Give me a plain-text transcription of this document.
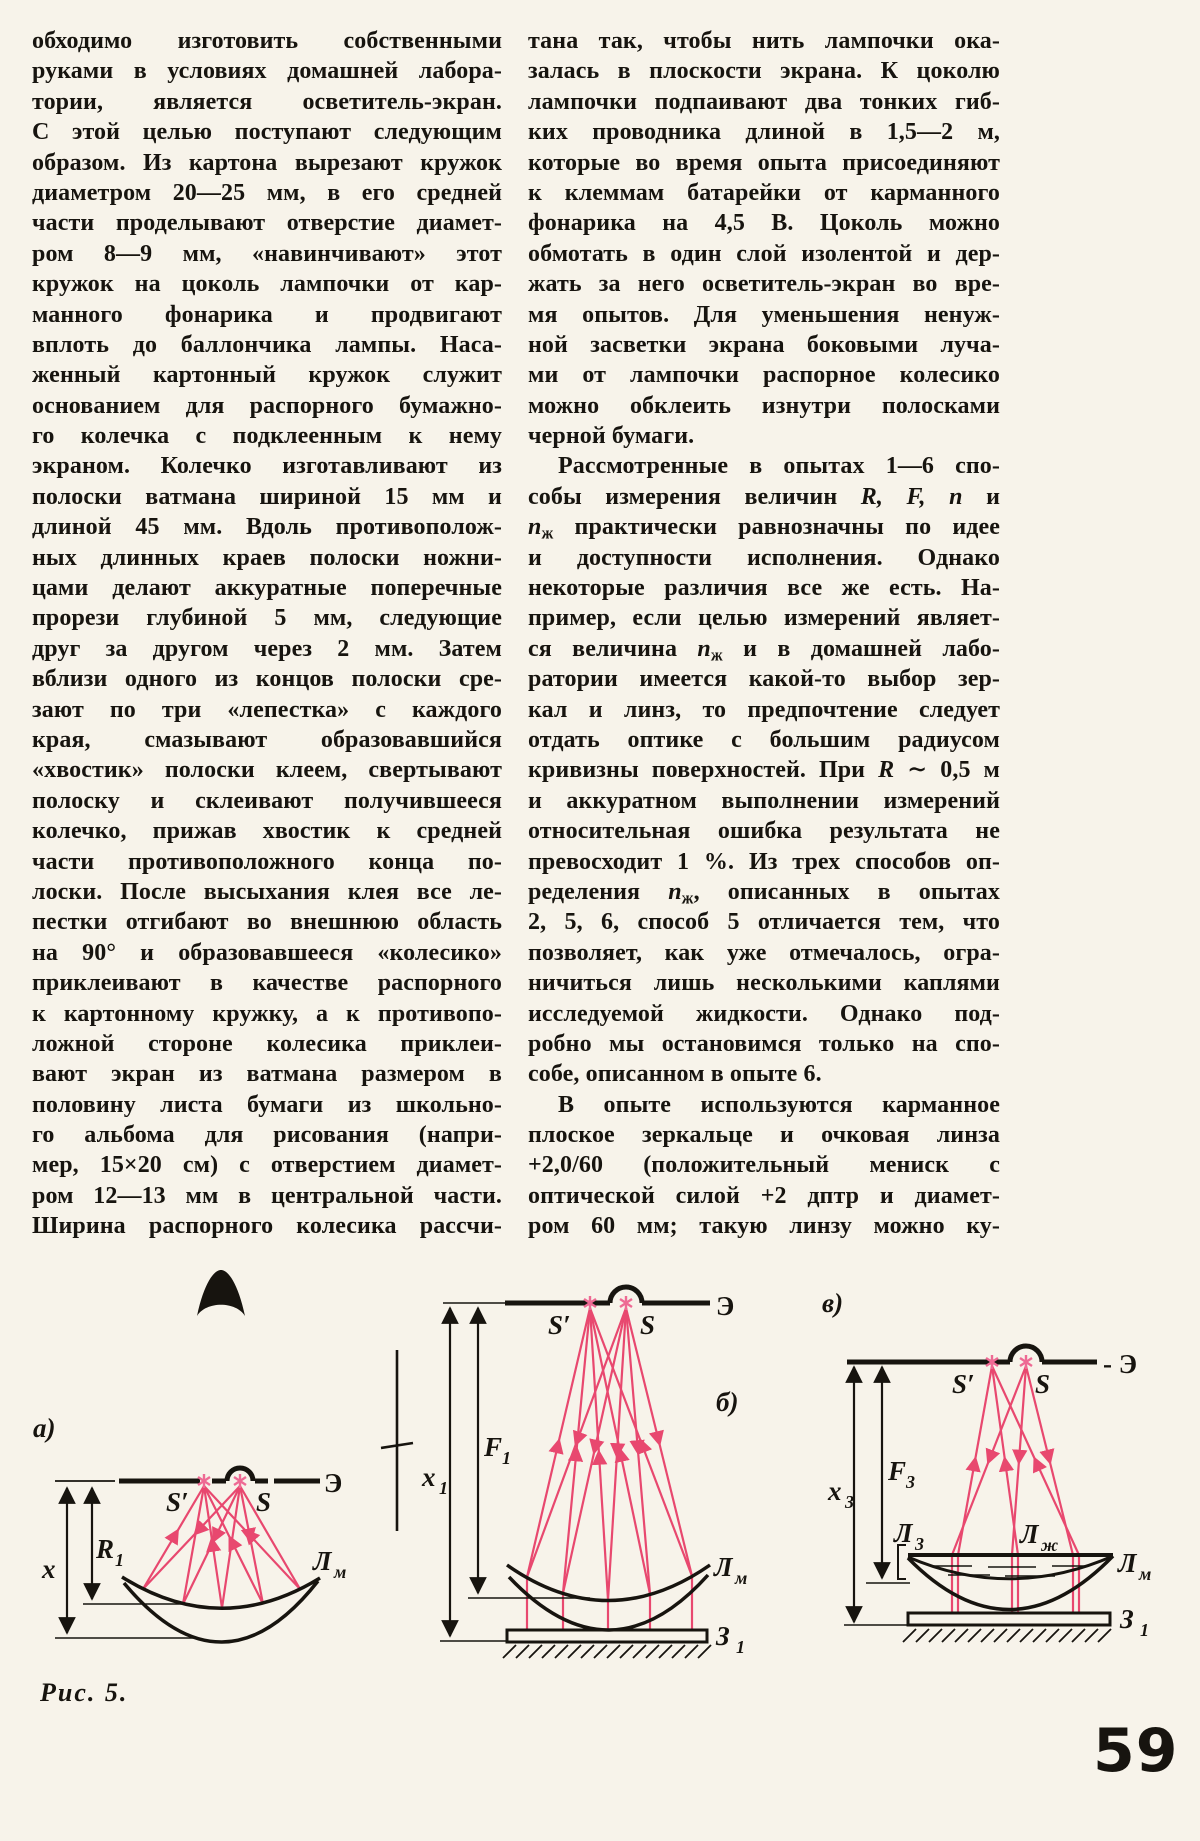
обходимо изготовить собственными
руками в условиях домашней лабора-
тории, является осветитель-экран.
С этой целью поступают следующим
образом. Из картона вырезают кружок
диаметром 20—25 мм, в его средней
части проделывают отверстие диамет-
ром 8—9 мм, «навинчивают» этот
кружок на цоколь лампочки от кар-
манного фонарика и продвигают
вплоть до баллончика лампы. Наса-
женный картонный кружок служит
основанием для распорного бумажно-
го колечка с подклеенным к нему
экраном. Колечко изготавливают из
полоски ватмана шириной 15 мм и
длиной 45 мм. Вдоль противополож-
ных длинных краев полоски ножни-
цами делают аккуратные поперечные
прорези глубиной 5 мм, следующие
друг за другом через 2 мм. Затем
вблизи одного из концов полоски сре-
зают по три «лепестка» с каждого
края, смазывают образовавшийся
«хвостик» полоски клеем, свертывают
полоску и склеивают получившееся
колечко, прижав хвостик к средней
части противоположного конца по-
лоски. После высыхания клея все ле-
пестки отгибают во внешнюю область
на 90° и образовавшееся «колесико»
приклеивают в качестве распорного
к картонному кружку, а к противопо-
ложной стороне колесика приклеи-
вают экран из ватмана размером в
половину листа бумаги из школьно-
го альбома для рисования (напри-
мер, 15×20 см) с отверстием диамет-
ром 12—13 мм в центральной части.
Ширина распорного колесика рассчи-
тана так, чтобы нить лампочки ока-
залась в плоскости экрана. К цоколю
лампочки подпаивают два тонких гиб-
ких проводника длиной в 1,5—2 м,
которые во время опыта присоединяют
к клеммам батарейки от карманного
фонарика на 4,5 В. Цоколь можно
обмотать в один слой изолентой и дер-
жать за него осветитель-экран во вре-
мя опытов. Для уменьшения ненуж-
ной засветки экрана боковыми луча-
ми от лампочки распорное колесико
можно обклеить изнутри полосками
черной бумаги.
Рассмотренные в опытах 1—6 спо-
собы измерения величин R, F, n и
$n_ж$ практически равнозначны по идее
и доступности исполнения. Однако
некоторые различия все же есть. На-
пример, если целью измерений являет-
ся величина $n_ж$ и в домашней лабо-
ратории имеется какой-то выбор зер-
кал и линз, то предпочтение следует
отдать оптике с большим радиусом
кривизны поверхностей. При R ∼ 0,5 м
и аккуратном выполнении измерений
относительная ошибка результата не
превосходит 1 %. Из трех способов оп-
ределения $n_ж$, описанных в опытах
2, 5, 6, способ 5 отличается тем, что
позволяет, как уже отмечалось, огра-
ничиться лишь несколькими каплями
исследуемой жидкости. Однако под-
робно мы остановимся только на спо-
собе, описанном в опыте 6.
В опыте используются карманное
плоское зеркальце и очковая линза
+2,0/60 (положительный мениск с
оптической силой +2 дптр и диамет-
ром 60 мм; такую линзу можно ку-
а)
Э
S′ S
Л м
x
R 1
б)
Э
S′	S
Л м
З 1
x 1
F 1
в)
- Э
S′ S
Л 3	Л ж
Л м
З 1
x 3
F 3
Рис. 5.
59
